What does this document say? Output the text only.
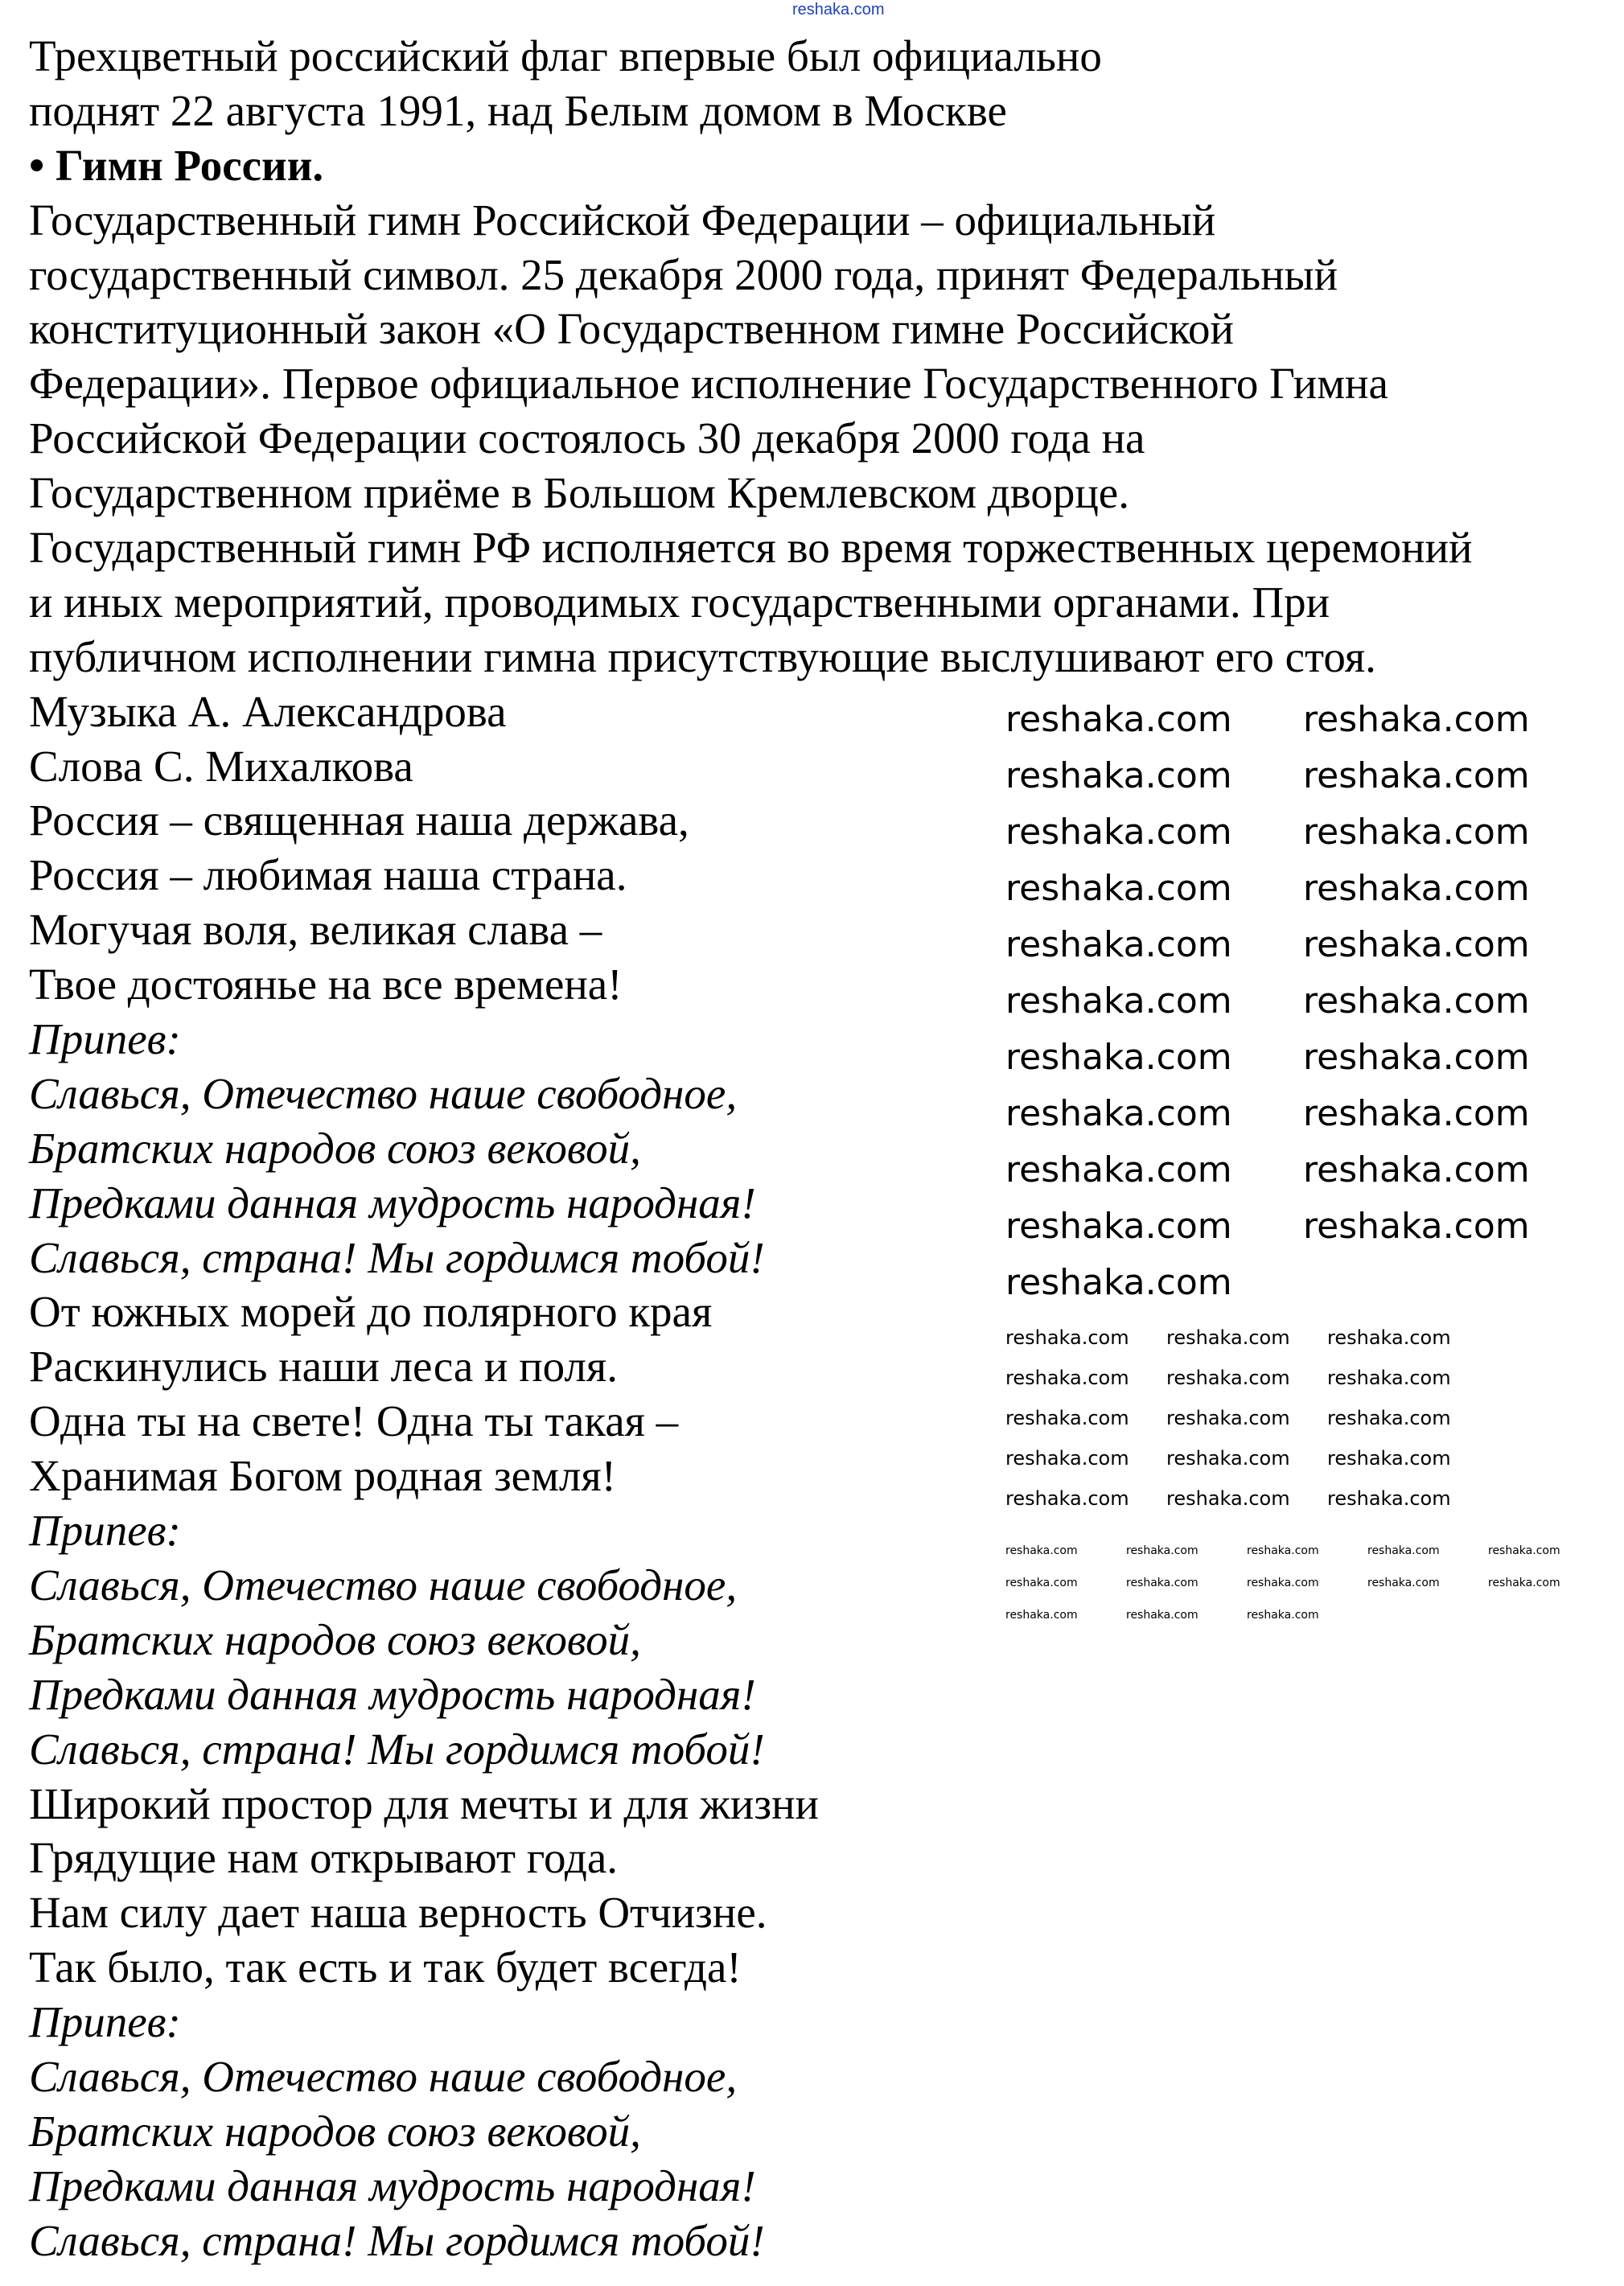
reshaka.com
Трехцветный российский флаг впервые был официально
поднят 22 августа 1991, над Белым домом в Москве
• Гимн России.
Государственный гимн Российской Федерации – официальный
государственный символ. 25 декабря 2000 года, принят Федеральный
конституционный закон «О Государственном гимне Российской
Федерации». Первое официальное исполнение Государственного Гимна
Российской Федерации состоялось 30 декабря 2000 года на
Государственном приёме в Большом Кремлевском дворце.
Государственный гимн РФ исполняется во время торжественных церемоний
и иных мероприятий, проводимых государственными органами. При
публичном исполнении гимна присутствующие выслушивают его стоя.
Музыка А. Александрова
Слова С. Михалкова
Россия – священная наша держава,
Россия – любимая наша страна.
Могучая воля, великая слава –
Твое достоянье на все времена!
Припев:
Славься, Отечество наше свободное,
Братских народов союз вековой,
Предками данная мудрость народная!
Славься, страна! Мы гордимся тобой!
От южных морей до полярного края
Раскинулись наши леса и поля.
Одна ты на свете! Одна ты такая –
Хранимая Богом родная земля!
Припев:
Славься, Отечество наше свободное,
Братских народов союз вековой,
Предками данная мудрость народная!
Славься, страна! Мы гордимся тобой!
Широкий простор для мечты и для жизни
Грядущие нам открывают года.
Нам силу дает наша верность Отчизне.
Так было, так есть и так будет всегда!
Припев:
Славься, Отечество наше свободное,
Братских народов союз вековой,
Предками данная мудрость народная!
Славься, страна! Мы гордимся тобой!
reshaka.com reshaka.com
reshaka.com reshaka.com
reshaka.com reshaka.com
reshaka.com reshaka.com
reshaka.com reshaka.com
reshaka.com reshaka.com
reshaka.com reshaka.com
reshaka.com reshaka.com
reshaka.com reshaka.com
reshaka.com reshaka.com
reshaka.com
reshaka.com reshaka.com reshaka.com
reshaka.com reshaka.com reshaka.com
reshaka.com reshaka.com reshaka.com
reshaka.com reshaka.com reshaka.com
reshaka.com reshaka.com reshaka.com
reshaka.com	reshaka.com	reshaka.com	reshaka.com	reshaka.com
reshaka.com	reshaka.com	reshaka.com	reshaka.com	reshaka.com
reshaka.com	reshaka.com	reshaka.com
